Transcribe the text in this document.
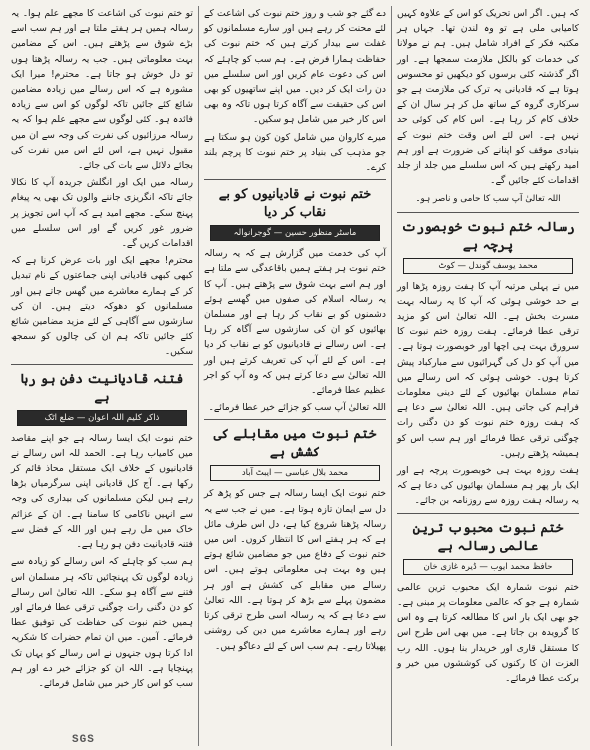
کہ ہیں۔ اگر اس تحریک کو اس کے علاوہ کہیں کامیابی ملی ہے تو وہ لندن تھا۔ جہاں ہر مکتبہ فکر کے افراد شامل ہیں۔ ہم نے مولانا کی خدمات کو بالکل ملازمت سمجھا ہے۔ اور اگر گذشتہ کئی برسوں کو دیکھیں تو محسوس ہوتا ہے کہ قادیانی یہ ترک کی ملازمت ہے جو سرکاری گروہ کے ساتھ مل کر ہر سال ان کے خلاف کام کر رہا ہے۔ اس کام کی کوئی حد نہیں ہے۔ اس لئے اس وقت ختم نبوت کے بنیادی موقف کو اپنانے کی ضرورت ہے اور ہم امید رکھتے ہیں کہ اس سلسلے میں جلد از جلد اقدامات کئے جائیں گے۔

اللہ تعالیٰ آپ سب کا حامی و ناصر ہو۔
رسالہ ختم نبوت خوبصورت پرچہ ہے
محمد یوسف گوندل — کوٹ

میں نے پہلی مرتبہ آپ کا ہفت روزہ پڑھا اور بے حد خوشی ہوئی کہ آپ کا یہ رسالہ بہت مسرت بخش ہے۔ اللہ تعالیٰ اس کو مزید ترقی عطا فرمائے۔ ہفت روزہ ختم نبوت کا سرورق بہت ہی اچھا اور خوبصورت ہوتا ہے۔ میں آپ کو دل کی گہرائیوں سے مبارکباد پیش کرتا ہوں۔ خوشی ہوئی کہ اس رسالے میں تمام مسلمان بھائیوں کے لئے دینی معلومات فراہم کی جاتی ہیں۔ اللہ تعالیٰ سے دعا ہے کہ ہفت روزہ ختم نبوت کو دن دگنی رات چوگنی ترقی عطا فرمائے اور ہم سب اس کو ہمیشہ پڑھتے رہیں۔

ہفت روزہ بہت ہی خوبصورت پرچہ ہے اور ایک بار پھر ہم مسلمان بھائیوں کی دعا ہے کہ یہ رسالہ ہفت روزہ سے روزنامہ بن جائے۔

ختم نبوت محبوب ترین عالمی رسالہ ہے
حافظ محمد ایوب — ڈیرہ غازی خان

ختم نبوت شمارہ ایک محبوب ترین عالمی شمارہ ہے جو کہ عالمی معلومات پر مبنی ہے۔ جو بھی ایک بار اس کا مطالعہ کرتا ہے وہ اس کا گرویدہ بن جاتا ہے۔ میں بھی اس طرح اس کا مستقل قاری اور خریدار بنا ہوں۔ اللہ رب العزت ان کا رکنوں کی کوششوں میں خیر و برکت عطا فرمائے۔

دے گئے جو شب و روز ختم نبوت کی اشاعت کے لئے محنت کر رہے ہیں اور سارے مسلمانوں کو غفلت سے بیدار کرتے ہیں کہ ختم نبوت کی حفاظت ہمارا فرض ہے۔ ہم سب کو چاہئے کہ اس کی دعوت عام کریں اور اس سلسلے میں دن رات ایک کر دیں۔ میں اپنے ساتھیوں کو بھی اس کی حقیقت سے آگاہ کرتا ہوں تاکہ وہ بھی اس کار خیر میں شامل ہو سکیں۔

میرے کاروان میں شامل کون کون ہو سکتا ہے جو مذہب کی بنیاد پر ختم نبوت کا پرچم بلند کرے۔

ختم نبوت نے قادیانیوں کو بے نقاب کر دیا
ماسٹر منظور حسین — گوجرانوالہ

آپ کی خدمت میں گزارش ہے کہ یہ رسالہ ختم نبوت ہر ہفتے ہمیں باقاعدگی سے ملتا ہے اور ہم اسے بہت شوق سے پڑھتے ہیں۔ آپ کا یہ رسالہ اسلام کی صفوں میں گھسے ہوئے دشمنوں کو بے نقاب کر رہا ہے اور مسلمان بھائیوں کو ان کی سازشوں سے آگاہ کر رہا ہے۔ اس رسالے نے قادیانیوں کو بے نقاب کر دیا ہے۔ اس کے لئے آپ کی تعریف کرتے ہیں اور اللہ تعالیٰ سے دعا کرتے ہیں کہ وہ آپ کو اجر عظیم عطا فرمائے۔

اللہ تعالیٰ آپ سب کو جزائے خیر عطا فرمائے۔

ختم نبوت میں مقابلے کی کشش ہے
محمد بلال عباسی — ایبٹ آباد

ختم نبوت ایک ایسا رسالہ ہے جس کو پڑھ کر دل سے ایمان تازہ ہوتا ہے۔ میں نے جب سے یہ رسالہ پڑھنا شروع کیا ہے، دل اس طرف مائل ہے کہ ہر ہفتے اس کا انتظار کروں۔ اس میں ختم نبوت کے دفاع میں جو مضامین شائع ہوتے ہیں وہ بہت ہی معلوماتی ہوتے ہیں۔ اس رسالے میں مقابلے کی کشش ہے اور ہر مضمون پہلے سے بڑھ کر ہوتا ہے۔ اللہ تعالیٰ سے دعا ہے کہ یہ رسالہ اسی طرح ترقی کرتا رہے اور ہمارے معاشرے میں دین کی روشنی پھیلاتا رہے۔ ہم سب اس کے لئے دعاگو ہیں۔

تو ختم نبوت کی اشاعت کا مجھے علم ہوا۔ یہ رسالہ ہمیں ہر ہفتے ملتا ہے اور ہم سب اسے بڑے شوق سے پڑھتے ہیں۔ اس کے مضامین بہت معلوماتی ہیں۔ جب یہ رسالہ پڑھتا ہوں تو دل خوش ہو جاتا ہے۔ محترم! میرا ایک مشورہ ہے کہ اس رسالے میں زیادہ مضامین شائع کئے جائیں تاکہ لوگوں کو اس سے زیادہ فائدہ ہو۔ کئی لوگوں سے مجھے علم ہوا کہ یہ رسالہ مرزائیوں کی نفرت کی وجہ سے ان میں مقبول نہیں ہے، اس لئے اس میں نفرت کی بجائے دلائل سے بات کی جائے۔

رسالہ میں ایک اور انگلش جریدہ آپ کا نکالا جائے تاکہ انگریزی جاننے والوں تک بھی یہ پیغام پہنچ سکے۔ مجھے امید ہے کہ آپ اس تجویز پر ضرور غور کریں گے اور اس سلسلے میں اقدامات کریں گے۔

محترم! مجھے ایک اور بات عرض کرنا ہے کہ کبھی کبھی قادیانی اپنی جماعتوں کے نام تبدیل کر کے ہمارے معاشرے میں گھس جاتے ہیں اور مسلمانوں کو دھوکہ دیتے ہیں۔ ان کی سازشوں سے آگاہی کے لئے مزید مضامین شائع کئے جائیں تاکہ ہم ان کی چالوں کو سمجھ سکیں۔

فتنہ قادیانیت دفن ہو رہا ہے
ذاکر کلیم اللہ اعوان — ضلع اٹک

ختم نبوت ایک ایسا رسالہ ہے جو اپنے مقاصد میں کامیاب رہا ہے۔ الحمد للہ اس رسالے نے قادیانیوں کے خلاف ایک مستقل محاذ قائم کر رکھا ہے۔ آج کل قادیانی اپنی سرگرمیاں بڑھا رہے ہیں لیکن مسلمانوں کی بیداری کی وجہ سے انہیں ناکامی کا سامنا ہے۔ ان کے عزائم خاک میں مل رہے ہیں اور اللہ کے فضل سے فتنہ قادیانیت دفن ہو رہا ہے۔

ہم سب کو چاہئے کہ اس رسالے کو زیادہ سے زیادہ لوگوں تک پہنچائیں تاکہ ہر مسلمان اس فتنے سے آگاہ ہو سکے۔ اللہ تعالیٰ اس رسالے کو دن دگنی رات چوگنی ترقی عطا فرمائے اور ہمیں ختم نبوت کی حفاظت کی توفیق عطا فرمائے۔ آمین۔ میں ان تمام حضرات کا شکریہ ادا کرتا ہوں جنہوں نے اس رسالے کو یہاں تک پہنچایا ہے۔ اللہ ان کو جزائے خیر دے اور ہم سب کو اس کار خیر میں شامل فرمائے۔

SGS
